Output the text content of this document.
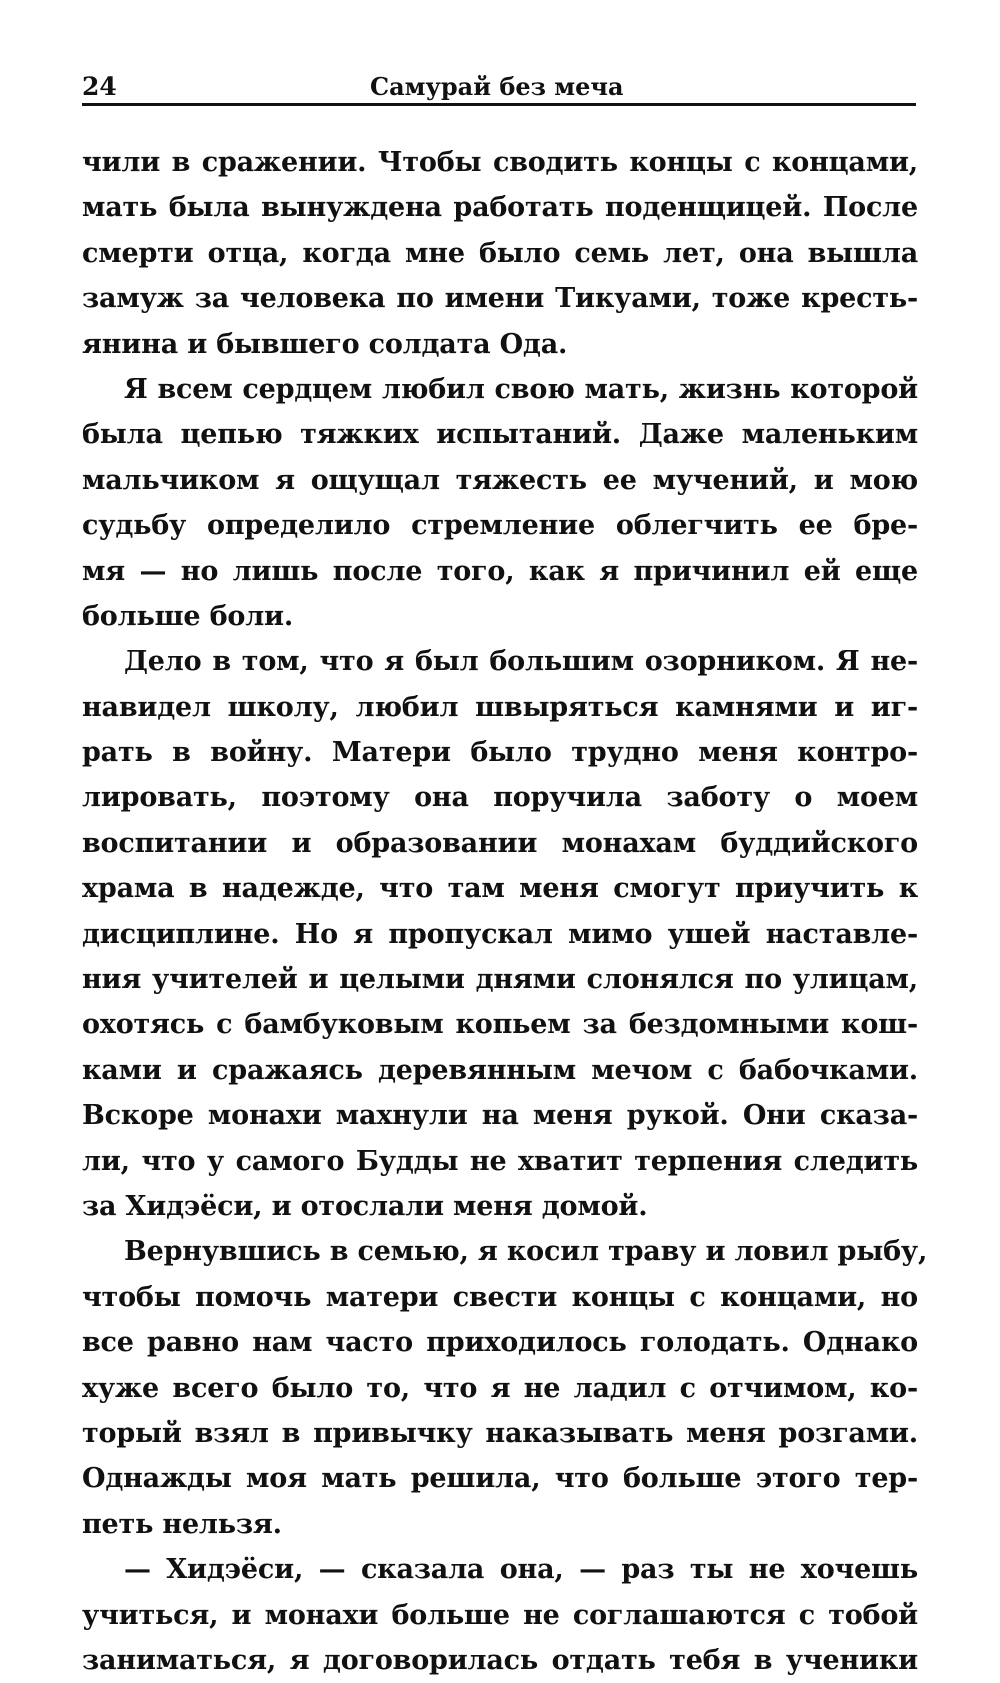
24	Самурай без меча
чили в сражении. Чтобы сводить концы с концами,
мать была вынуждена работать поденщицей. После
смерти отца, когда мне было семь лет, она вышла
замуж за человека по имени Тикуами, тоже кресть-
янина и бывшего солдата Ода.
Я всем сердцем любил свою мать, жизнь которой
была цепью тяжких испытаний. Даже маленьким
мальчиком я ощущал тяжесть ее мучений, и мою
судьбу определило стремление облегчить ее бре-
мя — но лишь после того, как я причинил ей еще
больше боли.
Дело в том, что я был большим озорником. Я не-
навидел школу, любил швыряться камнями и иг-
рать в войну. Матери было трудно меня контро-
лировать, поэтому она поручила заботу о моем
воспитании и образовании монахам буддийского
храма в надежде, что там меня смогут приучить к
дисциплине. Но я пропускал мимо ушей наставле-
ния учителей и целыми днями слонялся по улицам,
охотясь с бамбуковым копьем за бездомными кош-
ками и сражаясь деревянным мечом с бабочками.
Вскоре монахи махнули на меня рукой. Они сказа-
ли, что у самого Будды не хватит терпения следить
за Хидэёси, и отослали меня домой.
Вернувшись в семью, я косил траву и ловил рыбу,
чтобы помочь матери свести концы с концами, но
все равно нам часто приходилось голодать. Однако
хуже всего было то, что я не ладил с отчимом, ко-
торый взял в привычку наказывать меня розгами.
Однажды моя мать решила, что больше этого тер-
петь нельзя.
— Хидэёси, — сказала она, — раз ты не хочешь
учиться, и монахи больше не соглашаются с тобой
заниматься, я договорилась отдать тебя в ученики
